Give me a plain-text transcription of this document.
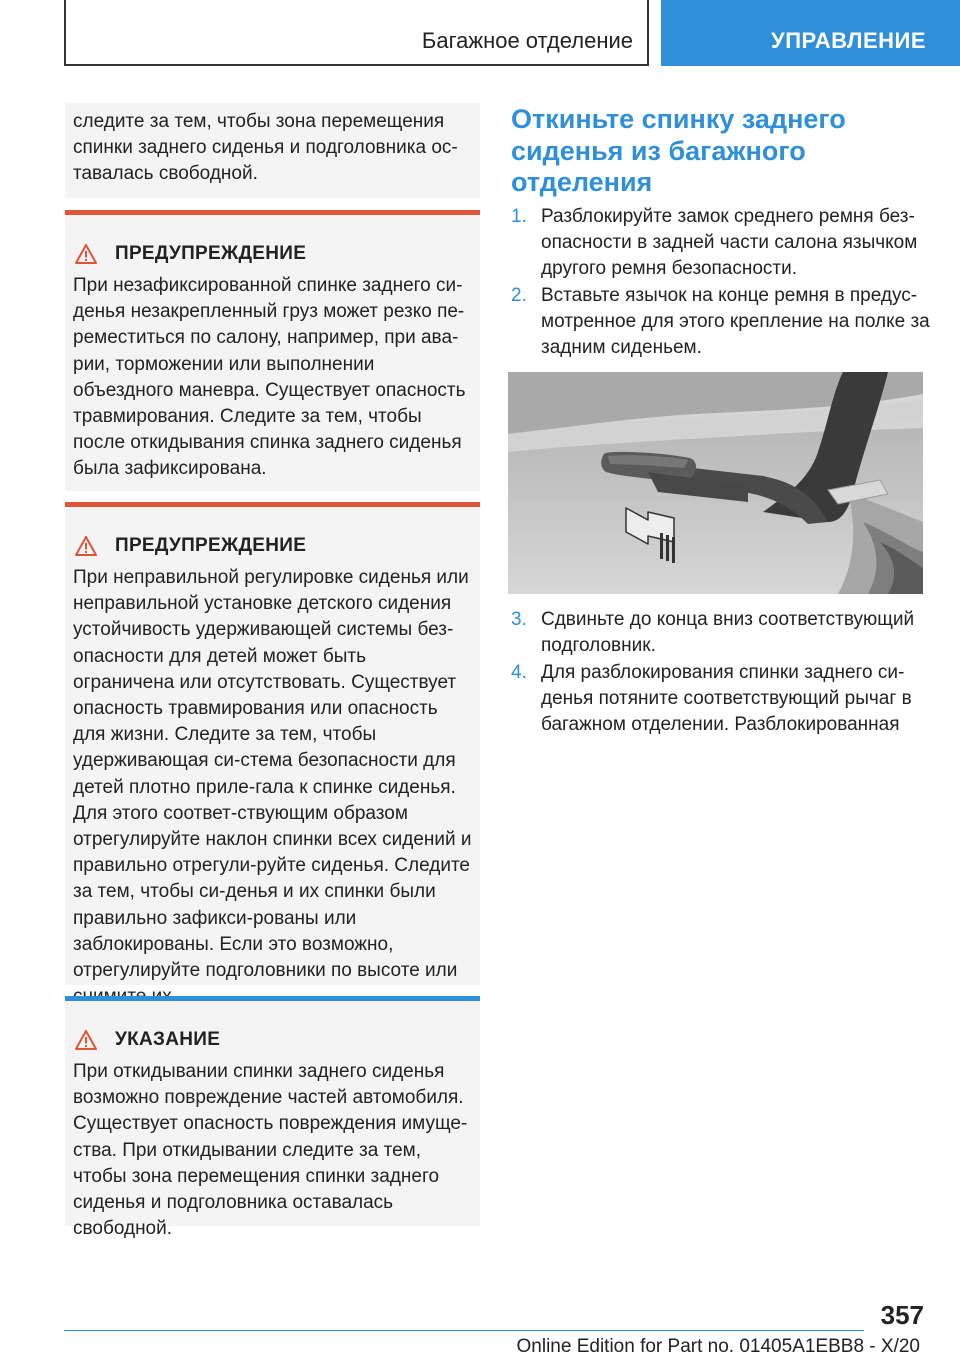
Багажное отделение	УПРАВЛЕНИЕ

следите за тем, чтобы зона перемещения спинки заднего сиденья и подголовника ос-тавалась свободной.

ПРЕДУПРЕЖДЕНИЕ

При незафиксированной спинке заднего си-денья незакрепленный груз может резко пе-реместиться по салону, например, при ава-рии, торможении или выполнении объездного маневра. Существует опасность травмирования. Следите за тем, чтобы после откидывания спинка заднего сиденья была зафиксирована.

ПРЕДУПРЕЖДЕНИЕ

При неправильной регулировке сиденья или неправильной установке детского сидения устойчивость удерживающей системы без-опасности для детей может быть ограничена или отсутствовать. Существует опасность травмирования или опасность для жизни. Следите за тем, чтобы удерживающая си-стема безопасности для детей плотно приле-гала к спинке сиденья. Для этого соответ-ствующим образом отрегулируйте наклон спинки всех сидений и правильно отрегули-руйте сиденья. Следите за тем, чтобы си-денья и их спинки были правильно зафикси-рованы или заблокированы. Если это возможно, отрегулируйте подголовники по высоте или

УКАЗАНИЕ

При откидывании спинки заднего сиденья возможно повреждение частей автомобиля. Существует опасность повреждения имуще-ства. При откидывании следите за тем, чтобы зона перемещения спинки заднего сиденья и подголовника оставалась свободной.

Откиньте спинку заднего сиденья из багажного отделения
1. Разблокируйте замок среднего ремня без-опасности в задней части салона язычком другого ремня безопасности.
2. Вставьте язычок на конце ремня в предус-мотренное для этого крепление на полке за задним сиденьем.
3. Сдвиньте до конца вниз соответствующий подголовник.
4. Для разблокирования спинки заднего си-денья потяните соответствующий рычаг в багажном отделении. Разблокированная
357
Online Edition for Part no. 01405A1EBB8 - X/20
